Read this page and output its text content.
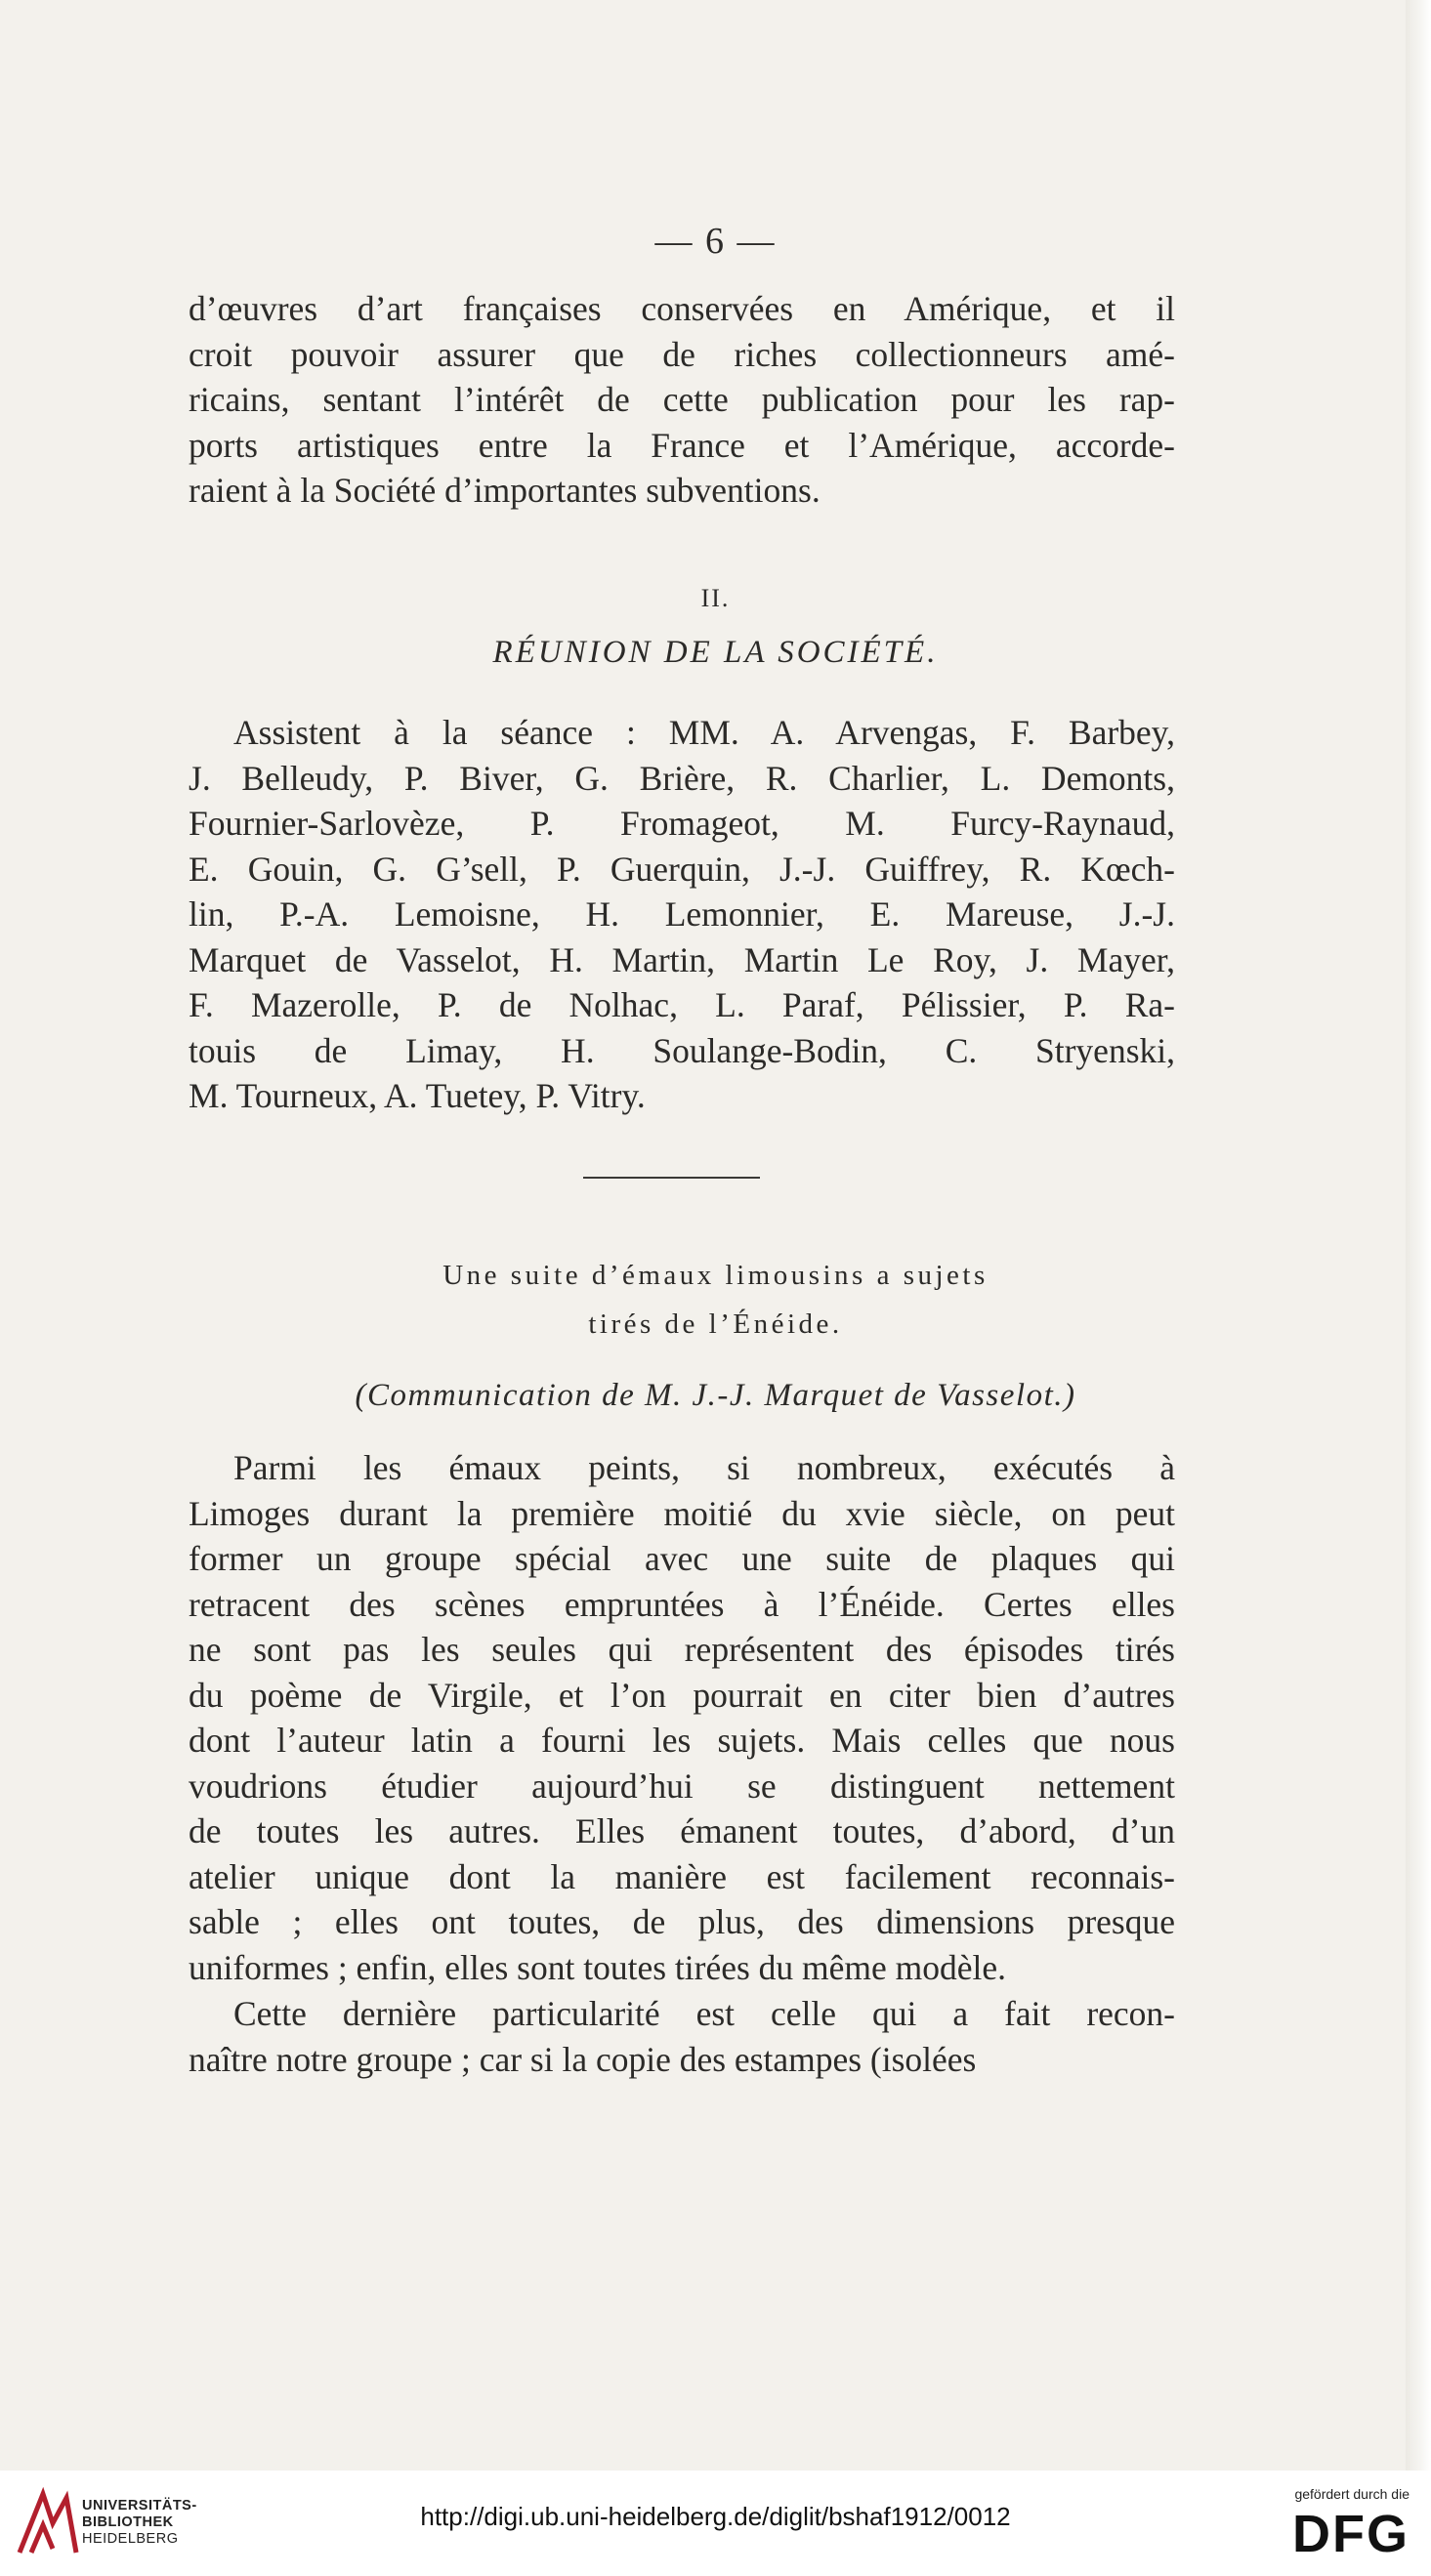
— 6 —

d’œuvres d’art françaises conservées en Amérique, et il
croit pouvoir assurer que de riches collectionneurs amé-
ricains, sentant l’intérêt de cette publication pour les rap-
ports artistiques entre la France et l’Amérique, accorde-
raient à la Société d’importantes subventions.

II.
RÉUNION DE LA SOCIÉTÉ.

Assistent à la séance : MM. A. Arvengas, F. Barbey,
J. Belleudy, P. Biver, G. Brière, R. Charlier, L. Demonts,
Fournier-Sarlovèze, P. Fromageot, M. Furcy-Raynaud,
E. Gouin, G. G’sell, P. Guerquin, J.-J. Guiffrey, R. Kœch-
lin, P.-A. Lemoisne, H. Lemonnier, E. Mareuse, J.-J.
Marquet de Vasselot, H. Martin, Martin Le Roy, J. Mayer,
F. Mazerolle, P. de Nolhac, L. Paraf, Pélissier, P. Ra-
touis de Limay, H. Soulange-Bodin, C. Stryenski,
M. Tourneux, A. Tuetey, P. Vitry.

Une suite d’émaux limousins a sujets
tirés de l’Énéide.
(Communication de M. J.-J. Marquet de Vasselot.)

Parmi les émaux peints, si nombreux, exécutés à
Limoges durant la première moitié du xvie siècle, on peut
former un groupe spécial avec une suite de plaques qui
retracent des scènes empruntées à l’Énéide. Certes elles
ne sont pas les seules qui représentent des épisodes tirés
du poème de Virgile, et l’on pourrait en citer bien d’autres
dont l’auteur latin a fourni les sujets. Mais celles que nous
voudrions étudier aujourd’hui se distinguent nettement
de toutes les autres. Elles émanent toutes, d’abord, d’un
atelier unique dont la manière est facilement reconnais-
sable ; elles ont toutes, de plus, des dimensions presque
uniformes ; enfin, elles sont toutes tirées du même modèle.

Cette dernière particularité est celle qui a fait recon-
naître notre groupe ; car si la copie des estampes (isolées

UNIVERSITÄTS-
BIBLIOTHEK
HEIDELBERG
http://digi.ub.uni-heidelberg.de/diglit/bshaf1912/0012
gefördert durch die
DFG
